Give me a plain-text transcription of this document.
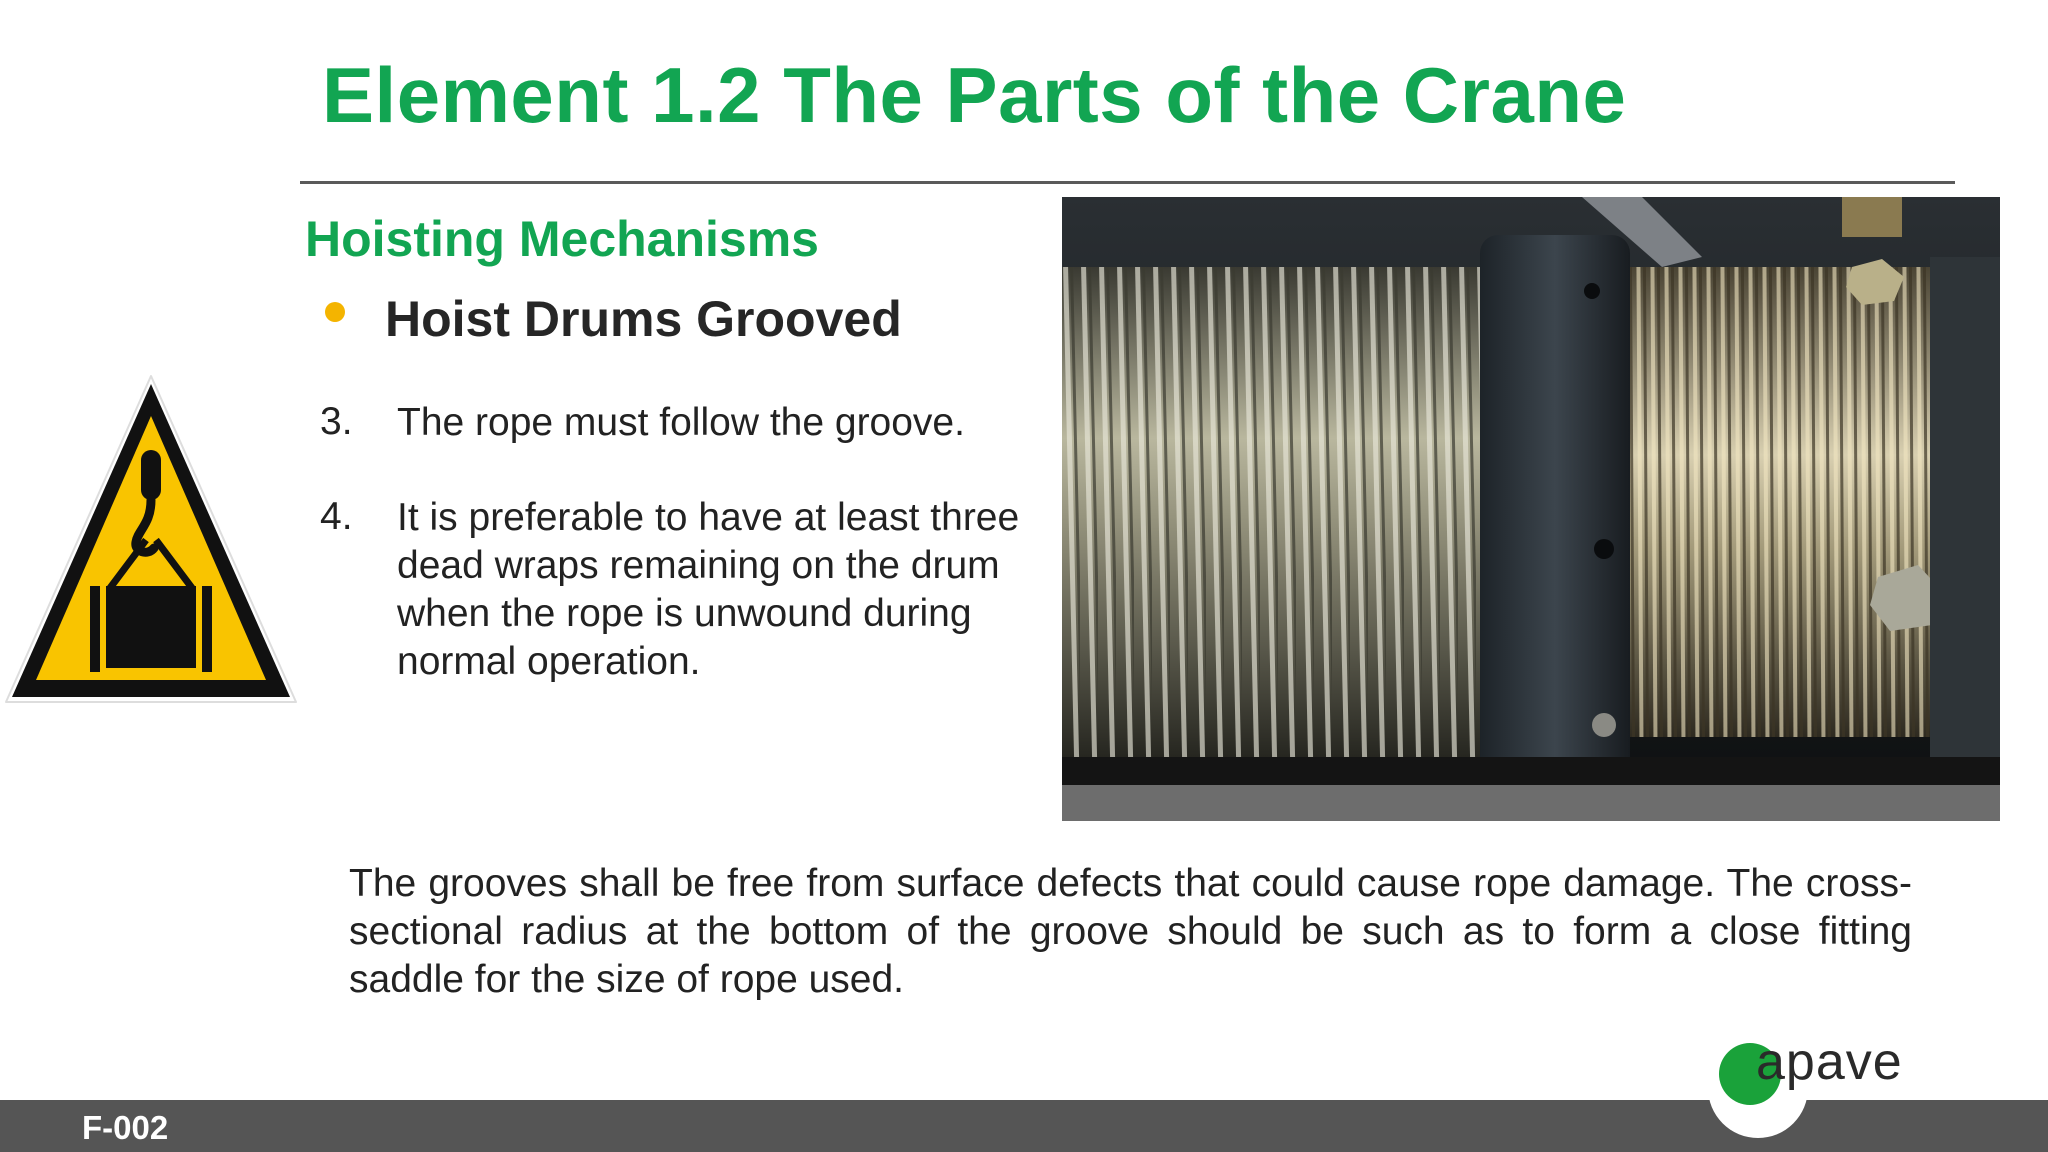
Element 1.2 The Parts of the Crane
Hoisting Mechanisms
Hoist Drums Grooved
3. The rope must follow the groove.
4. It is preferable to have at least three dead wraps remaining on the drum when the rope is unwound during normal operation.
The grooves shall be free from surface defects that could cause rope damage. The cross-sectional radius at the bottom of the groove should be such as to form a close fitting saddle for the size of rope used.
F-002
apave
